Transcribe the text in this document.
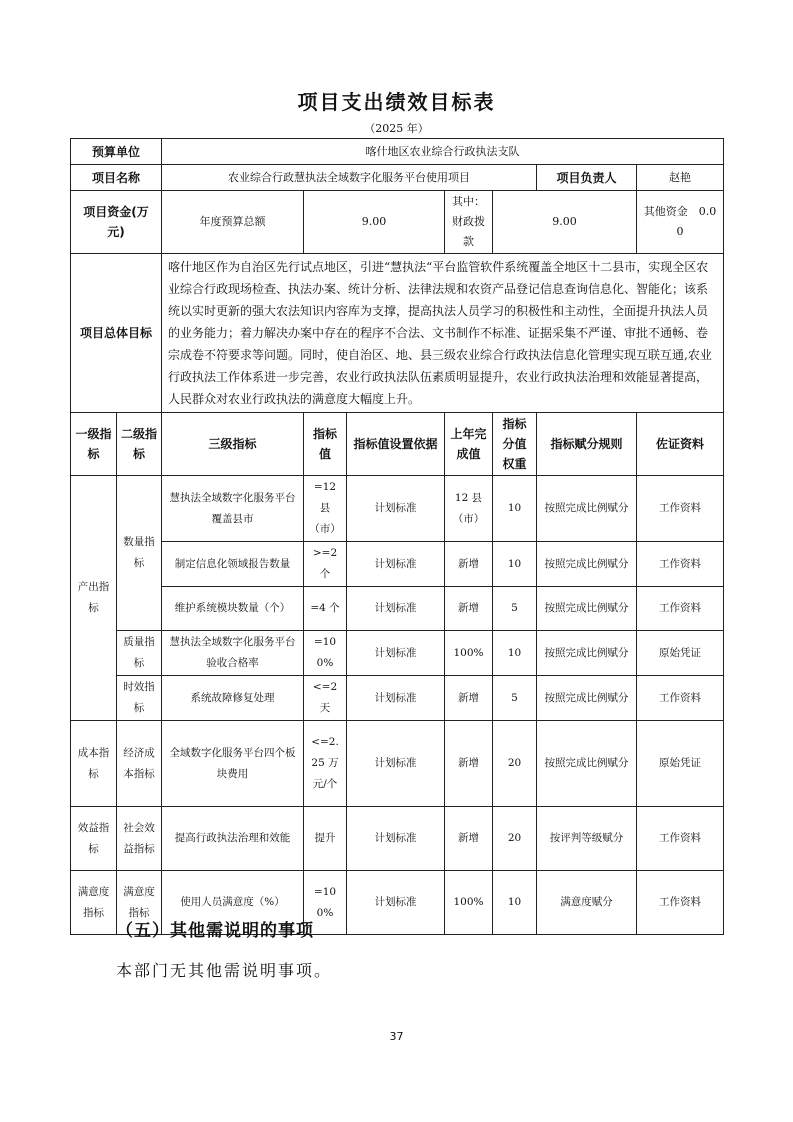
项目支出绩效目标表
（2025 年）
预算单位		喀什地区农业综合行政执法支队						
项目名称		农业综合行政慧执法全域数字化服务平台使用项目					项目负责人	赵艳
项目资金(万元)		年度预算总额	9.00		其中：财政拨款	9.00		其他资金　 0.00
项目总体目标		喀什地区作为自治区先行试点地区，引进“慧执法“平台监管软件系统覆盖全地区十二县市，实现全区农业综合行政现场检查、执法办案、统计分析、法律法规和农资产品登记信息查询信息化、智能化；该系统以实时更新的强大农法知识内容库为支撑，提高执法人员学习的积极性和主动性，全面提升执法人员的业务能力；着力解决办案中存在的程序不合法、文书制作不标准、证据采集不严谨、审批不通畅、卷宗成卷不符要求等问题。同时，使自治区、地、县三级农业综合行政执法信息化管理实现互联互通,农业行政执法工作体系进一步完善，农业行政执法队伍素质明显提升，农业行政执法治理和效能显著提高，人民群众对农业行政执法的满意度大幅度上升。						
一级指标	二级指标	三级指标	指标值	指标值设置依据	上年完成值	指标分值权重	指标赋分规则	佐证资料
产出指标	数量指标	慧执法全域数字化服务平台覆盖县市	=12 县（市）	计划标准	12 县（市）	10	按照完成比例赋分	工作资料
		制定信息化领域报告数量	>=2 个	计划标准	新增	10	按照完成比例赋分	工作资料
		维护系统模块数量（个）	=4 个	计划标准	新增	5	按照完成比例赋分	工作资料
	质量指标	慧执法全域数字化服务平台验收合格率	=100%	计划标准	100%	10	按照完成比例赋分	原始凭证
	时效指标	系统故障修复处理	<=2 天	计划标准	新增	5	按照完成比例赋分	工作资料
成本指标	经济成本指标	全域数字化服务平台四个板块费用	<=2.25 万元/个	计划标准	新增	20	按照完成比例赋分	原始凭证
效益指标	社会效益指标	提高行政执法治理和效能	提升	计划标准	新增	20	按评判等级赋分	工作资料
满意度指标	满意度指标	使用人员满意度（%）	=100%	计划标准	100%	10	满意度赋分	工作资料
（五）其他需说明的事项
本部门无其他需说明事项。
37
